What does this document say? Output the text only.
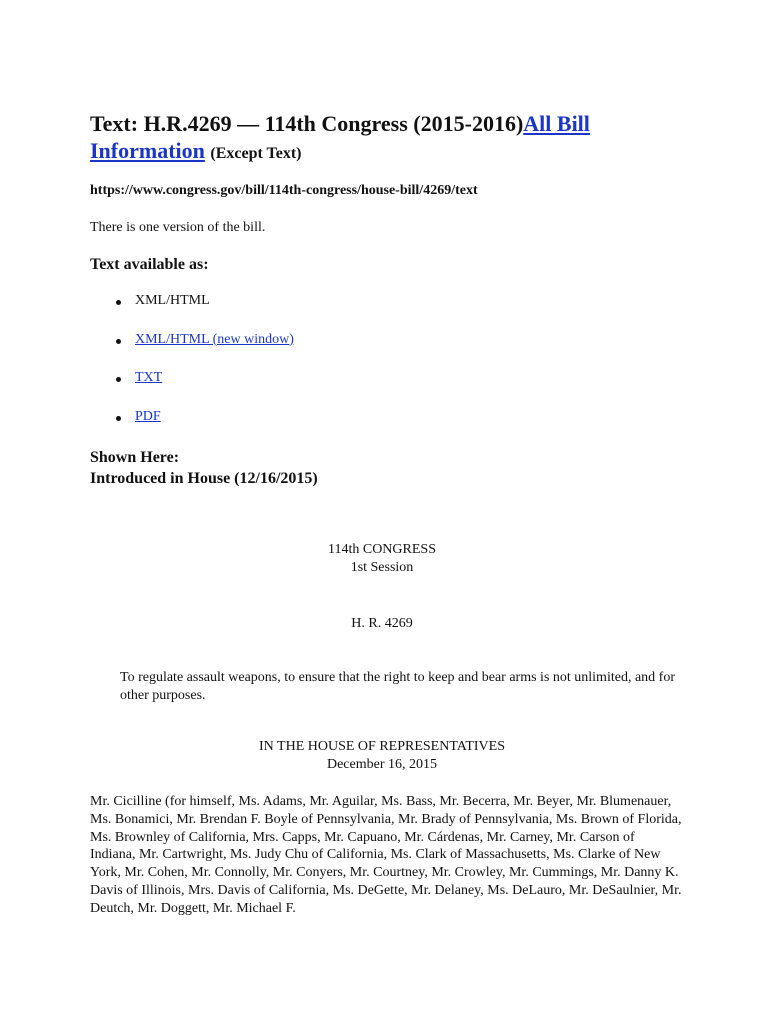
Text: H.R.4269 — 114th Congress (2015-2016)All Bill Information (Except Text)
https://www.congress.gov/bill/114th-congress/house-bill/4269/text
There is one version of the bill.
Text available as:
XML/HTML
XML/HTML (new window)
TXT
PDF
Shown Here:
Introduced in House (12/16/2015)
114th CONGRESS
1st Session
H. R. 4269
To regulate assault weapons, to ensure that the right to keep and bear arms is not unlimited, and for other purposes.
IN THE HOUSE OF REPRESENTATIVES
December 16, 2015
Mr. Cicilline (for himself, Ms. Adams, Mr. Aguilar, Ms. Bass, Mr. Becerra, Mr. Beyer, Mr. Blumenauer, Ms. Bonamici, Mr. Brendan F. Boyle of Pennsylvania, Mr. Brady of Pennsylvania, Ms. Brown of Florida, Ms. Brownley of California, Mrs. Capps, Mr. Capuano, Mr. Cárdenas, Mr. Carney, Mr. Carson of Indiana, Mr. Cartwright, Ms. Judy Chu of California, Ms. Clark of Massachusetts, Ms. Clarke of New York, Mr. Cohen, Mr. Connolly, Mr. Conyers, Mr. Courtney, Mr. Crowley, Mr. Cummings, Mr. Danny K. Davis of Illinois, Mrs. Davis of California, Ms. DeGette, Mr. Delaney, Ms. DeLauro, Mr. DeSaulnier, Mr. Deutch, Mr. Doggett, Mr. Michael F.
